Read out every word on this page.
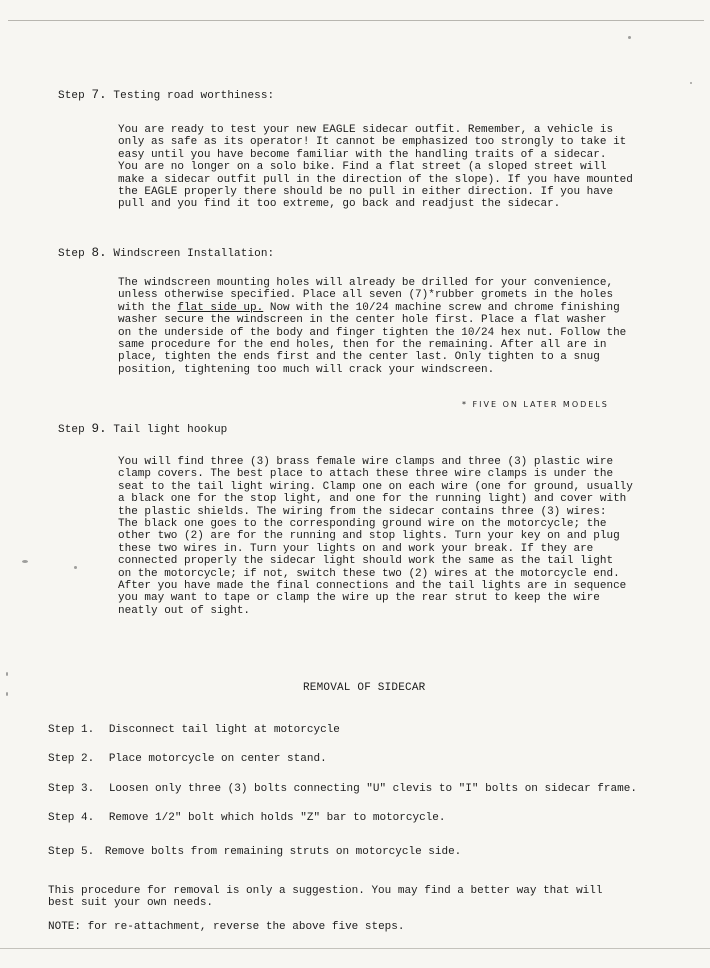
Step 7. Testing road worthiness:
You are ready to test your new EAGLE sidecar outfit. Remember, a vehicle is
only as safe as its operator! It cannot be emphasized too strongly to take it
easy until you have become familiar with the handling traits of a sidecar.
You are no longer on a solo bike. Find a flat street (a sloped street will
make a sidecar outfit pull in the direction of the slope). If you have mounted
the EAGLE properly there should be no pull in either direction. If you have
pull and you find it too extreme, go back and readjust the sidecar.
Step 8. Windscreen Installation:
The windscreen mounting holes will already be drilled for your convenience,
unless otherwise specified. Place all seven (7)*rubber gromets in the holes
with the flat side up. Now with the 10/24 machine screw and chrome finishing
washer secure the windscreen in the center hole first. Place a flat washer
on the underside of the body and finger tighten the 10/24 hex nut. Follow the
same procedure for the end holes, then for the remaining. After all are in
place, tighten the ends first and the center last. Only tighten to a snug
position, tightening too much will crack your windscreen.
* FIVE ON LATER MODELS
Step 9. Tail light hookup
You will find three (3) brass female wire clamps and three (3) plastic wire
clamp covers. The best place to attach these three wire clamps is under the
seat to the tail light wiring. Clamp one on each wire (one for ground, usually
a black one for the stop light, and one for the running light) and cover with
the plastic shields. The wiring from the sidecar contains three (3) wires:
The black one goes to the corresponding ground wire on the motorcycle; the
other two (2) are for the running and stop lights. Turn your key on and plug
these two wires in. Turn your lights on and work your break. If they are
connected properly the sidecar light should work the same as the tail light
on the motorcycle; if not, switch these two (2) wires at the motorcycle end.
After you have made the final connections and the tail lights are in sequence
you may want to tape or clamp the wire up the rear strut to keep the wire
neatly out of sight.
REMOVAL OF SIDECAR
Step 1. Disconnect tail light at motorcycle
Step 2. Place motorcycle on center stand.
Step 3. Loosen only three (3) bolts connecting "U" clevis to "I" bolts on sidecar frame.
Step 4. Remove 1/2" bolt which holds "Z" bar to motorcycle.
Step 5. Remove bolts from remaining struts on motorcycle side.
This procedure for removal is only a suggestion. You may find a better way that will
best suit your own needs.
NOTE: for re-attachment, reverse the above five steps.
